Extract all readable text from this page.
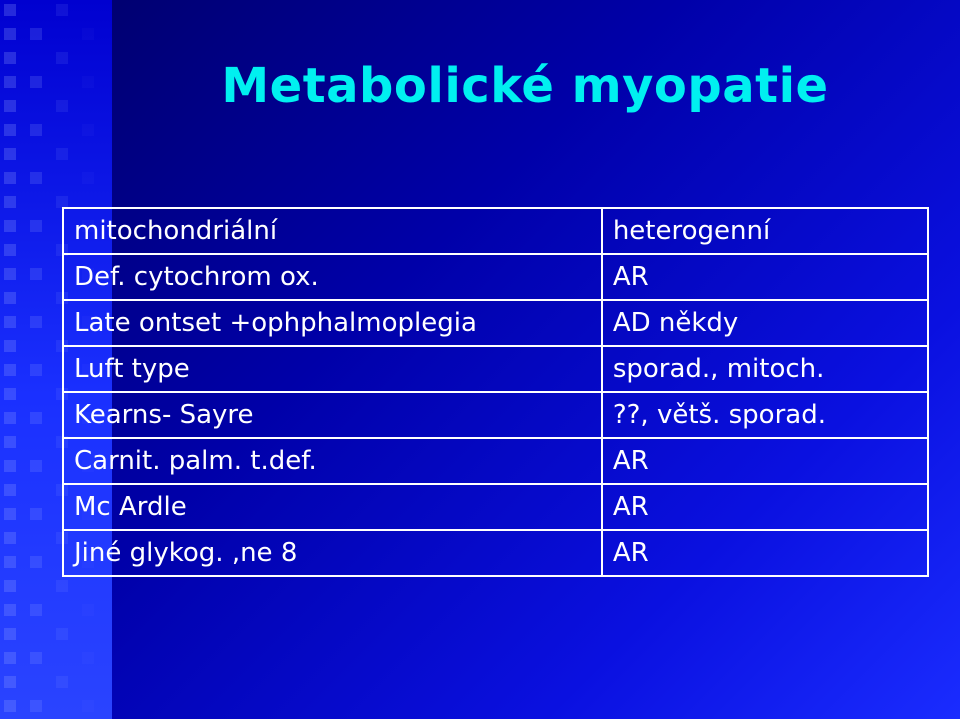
Metabolické myopatie
mitochondriální	heterogenní
Def. cytochrom ox.	AR
Late ontset +ophphalmoplegia	AD někdy
Luft type	sporad., mitoch.
Kearns- Sayre	??, větš. sporad.
Carnit. palm. t.def.	AR
Mc Ardle	AR
Jiné glykog. ,ne 8	AR
